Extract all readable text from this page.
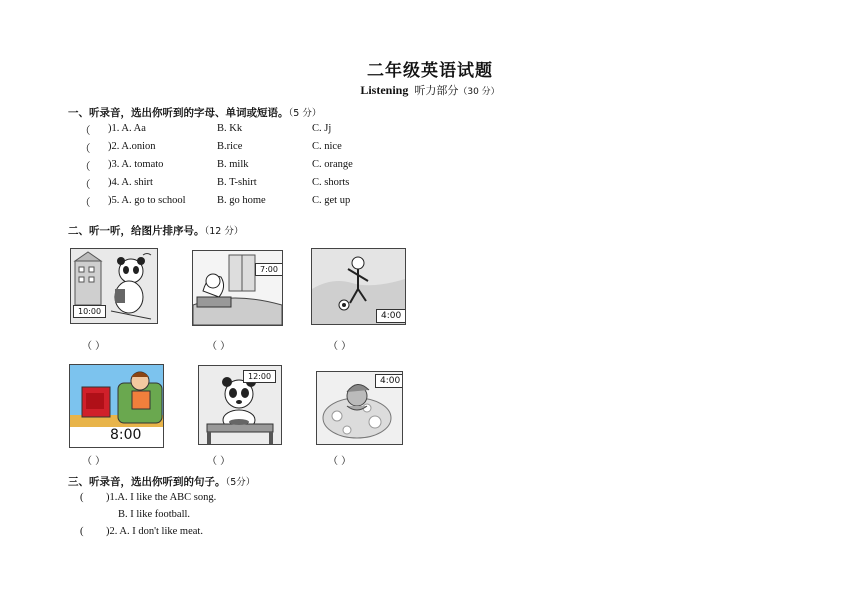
二年级英语试题
Listening 听力部分（30 分）
一、听录音，选出你听到的字母、单词或短语。（5 分）
（ )1. A. Aa	B. Kk	C. Jj
（ )2. A.onion	B.rice	C. nice
（ )3. A. tomato	B. milk	C. orange
（ )4. A. shirt	B. T-shirt	C. shorts
（ )5. A. go to school	B. go home	C. get up
二、听一听，给图片排序号。（12 分）
10:00
7:00
4:00
（ ）	（ ）	（ ）
8:00
12:00	4:00
（ ）	（ ）	（ ）
三、听录音，选出你听到的句子。（5分）
( )1.A. I like the ABC song.
B. I like football.
( )2. A. I don't like meat.
